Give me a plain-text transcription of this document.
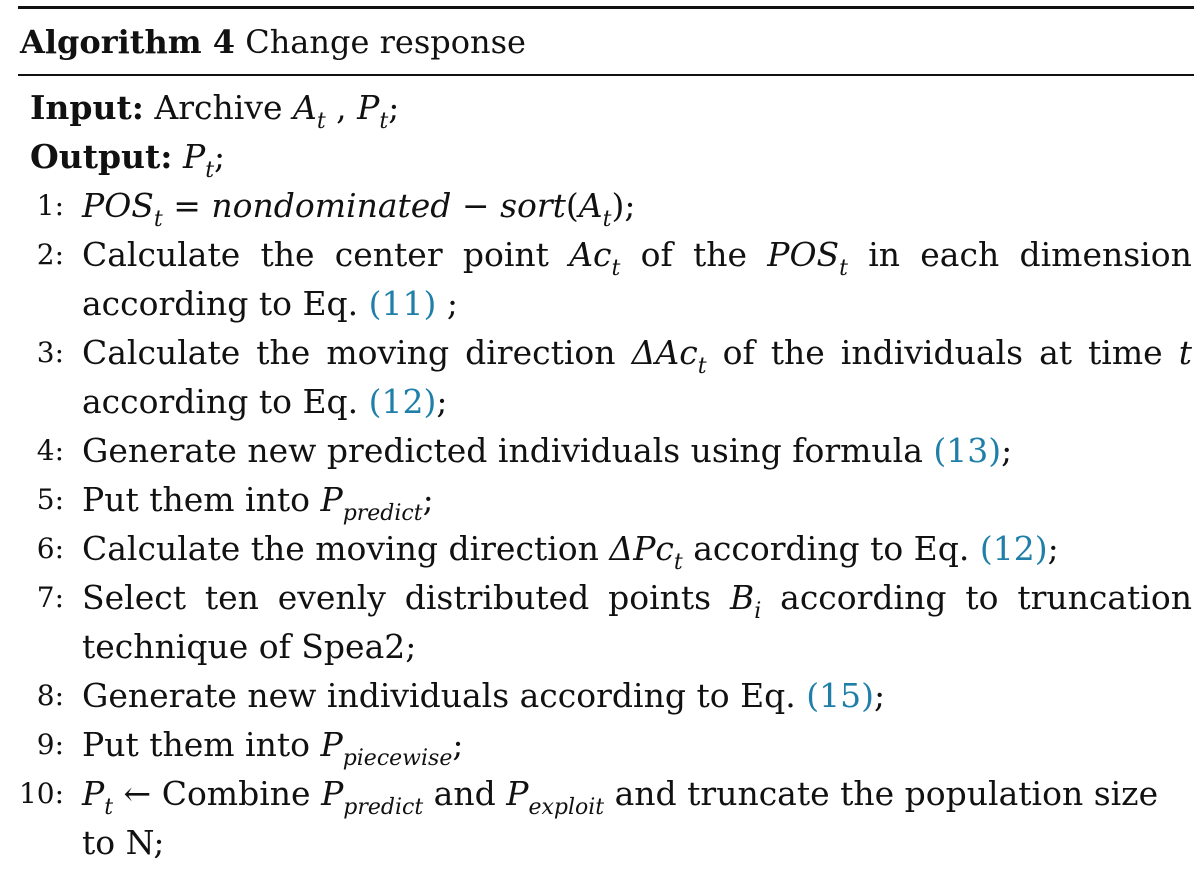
Algorithm 4 Change response
Input: Archive $A_t$ , $P_t$;
Output: $P_t$;
1: $POS_t$ = nondominated − $sort(A_t)$;
2: Calculate the center point Act of the POSt in each dimension
according to Eq. (11) ;
3: Calculate the moving direction ΔAct of the individuals at time t
according to Eq. (12);
4: Generate new predicted individuals using formula (13);
5: Put them into $P_{predict}$;
6: Calculate the moving direction ΔPc$_t$ according to Eq. (12);
7: Select ten evenly distributed points Bi according to truncation
technique of Spea2;
8: Generate new individuals according to Eq. (15);
9: Put them into $P_{piecewise}$;
10: $P_t$ ← Combine $P_{predict}$ and $P_{exploit}$ and truncate the population size
to N;
